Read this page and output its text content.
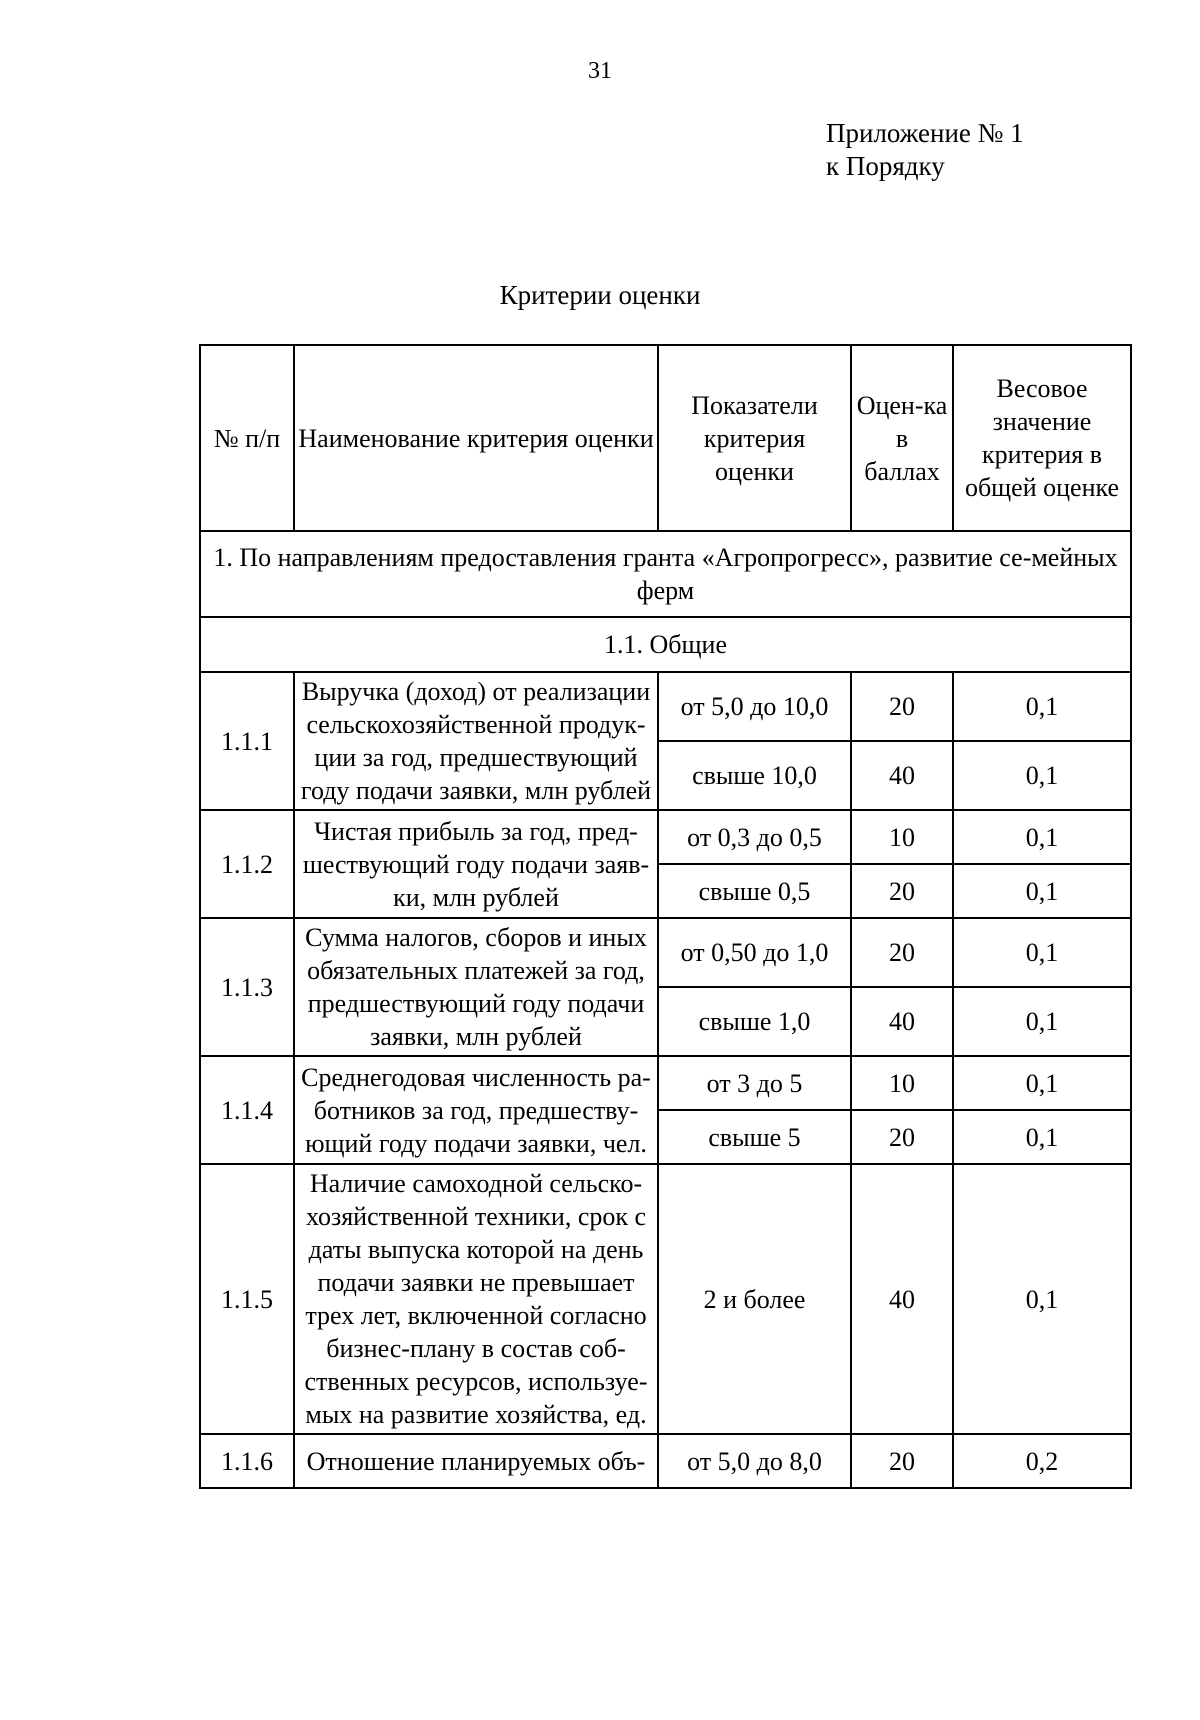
31
Приложение № 1
к Порядку
Критерии оценки
№ п/п	Наименование критерия оценки	Показатели критерия оценки	Оцен-ка в баллах	Весовое значение критерия в общей оценке
1. По направлениям предоставления гранта «Агропрогресс», развитие се-мейных ферм				
1.1. Общие				
1.1.1	Выручка (доход) от реализации сельскохозяйственной продук-ции за год, предшествующий году подачи заявки, млн рублей	от 5,0 до 10,0	20	0,1
		свыше 10,0	40	0,1
1.1.2	Чистая прибыль за год, пред-шествующий году подачи заяв-ки, млн рублей	от 0,3 до 0,5	10	0,1
		свыше 0,5	20	0,1
1.1.3	Сумма налогов, сборов и иных обязательных платежей за год, предшествующий году подачи заявки, млн рублей	от 0,50 до 1,0	20	0,1
		свыше 1,0	40	0,1
1.1.4	Среднегодовая численность ра-ботников за год, предшеству-ющий году подачи заявки, чел.	от 3 до 5	10	0,1
		свыше 5	20	0,1
1.1.5	Наличие самоходной сельско-хозяйственной техники, срок с даты выпуска которой на день подачи заявки не превышает трех лет, включенной согласно бизнес-плану в состав соб-ственных ресурсов, используе-мых на развитие хозяйства, ед.	2 и более	40	0,1
1.1.6	Отношение планируемых объ-	от 5,0 до 8,0	20	0,2
